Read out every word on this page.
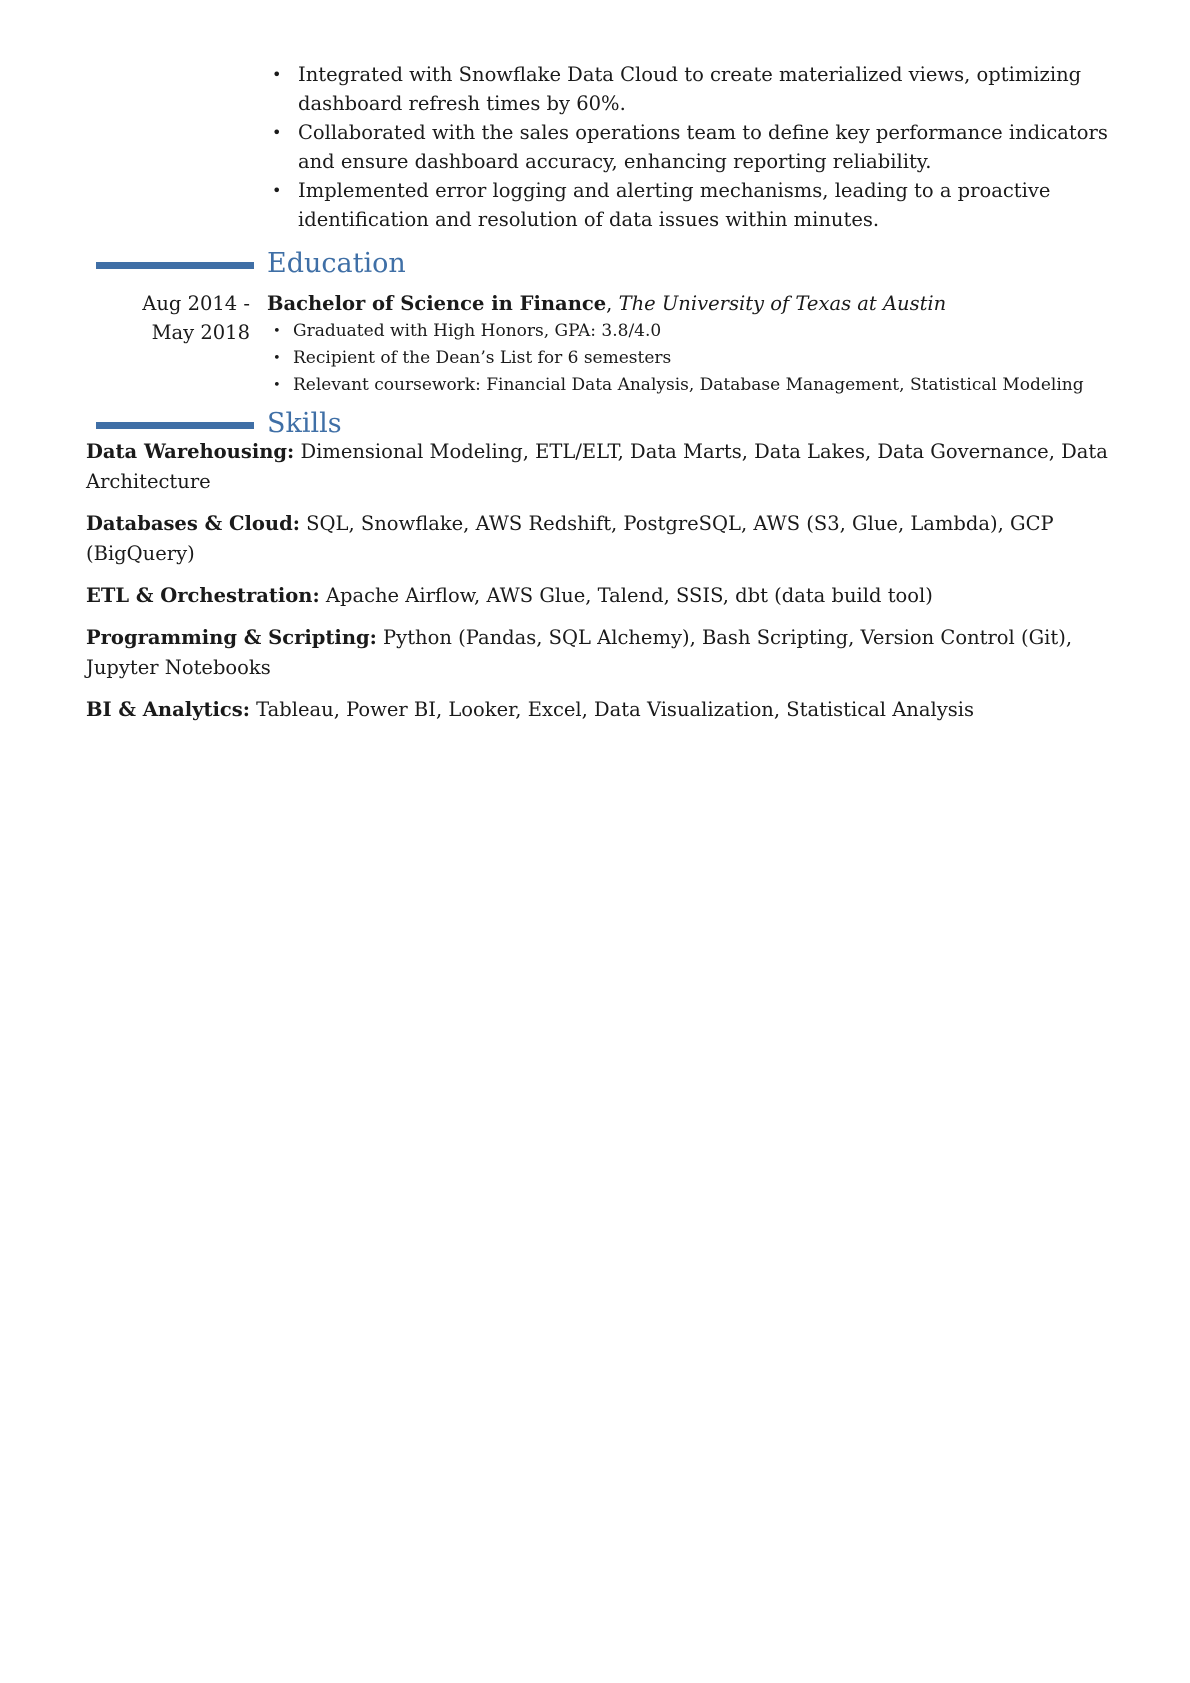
• Integrated with Snowflake Data Cloud to create materialized views, optimizing dashboard refresh times by 60%.
• Collaborated with the sales operations team to define key performance indicators and ensure dashboard accuracy, enhancing reporting reliability.
• Implemented error logging and alerting mechanisms, leading to a proactive identification and resolution of data issues within minutes.
Education
Aug 2014 -
May 2018
Bachelor of Science in Finance, The University of Texas at Austin
• Graduated with High Honors, GPA: 3.8/4.0
• Recipient of the Dean’s List for 6 semesters
• Relevant coursework: Financial Data Analysis, Database Management, Statistical Modeling
Skills
Data Warehousing: Dimensional Modeling, ETL/ELT, Data Marts, Data Lakes, Data Governance, Data Architecture
Databases & Cloud: SQL, Snowflake, AWS Redshift, PostgreSQL, AWS (S3, Glue, Lambda), GCP (BigQuery)
ETL & Orchestration: Apache Airflow, AWS Glue, Talend, SSIS, dbt (data build tool)
Programming & Scripting: Python (Pandas, SQL Alchemy), Bash Scripting, Version Control (Git), Jupyter Notebooks
BI & Analytics: Tableau, Power BI, Looker, Excel, Data Visualization, Statistical Analysis
